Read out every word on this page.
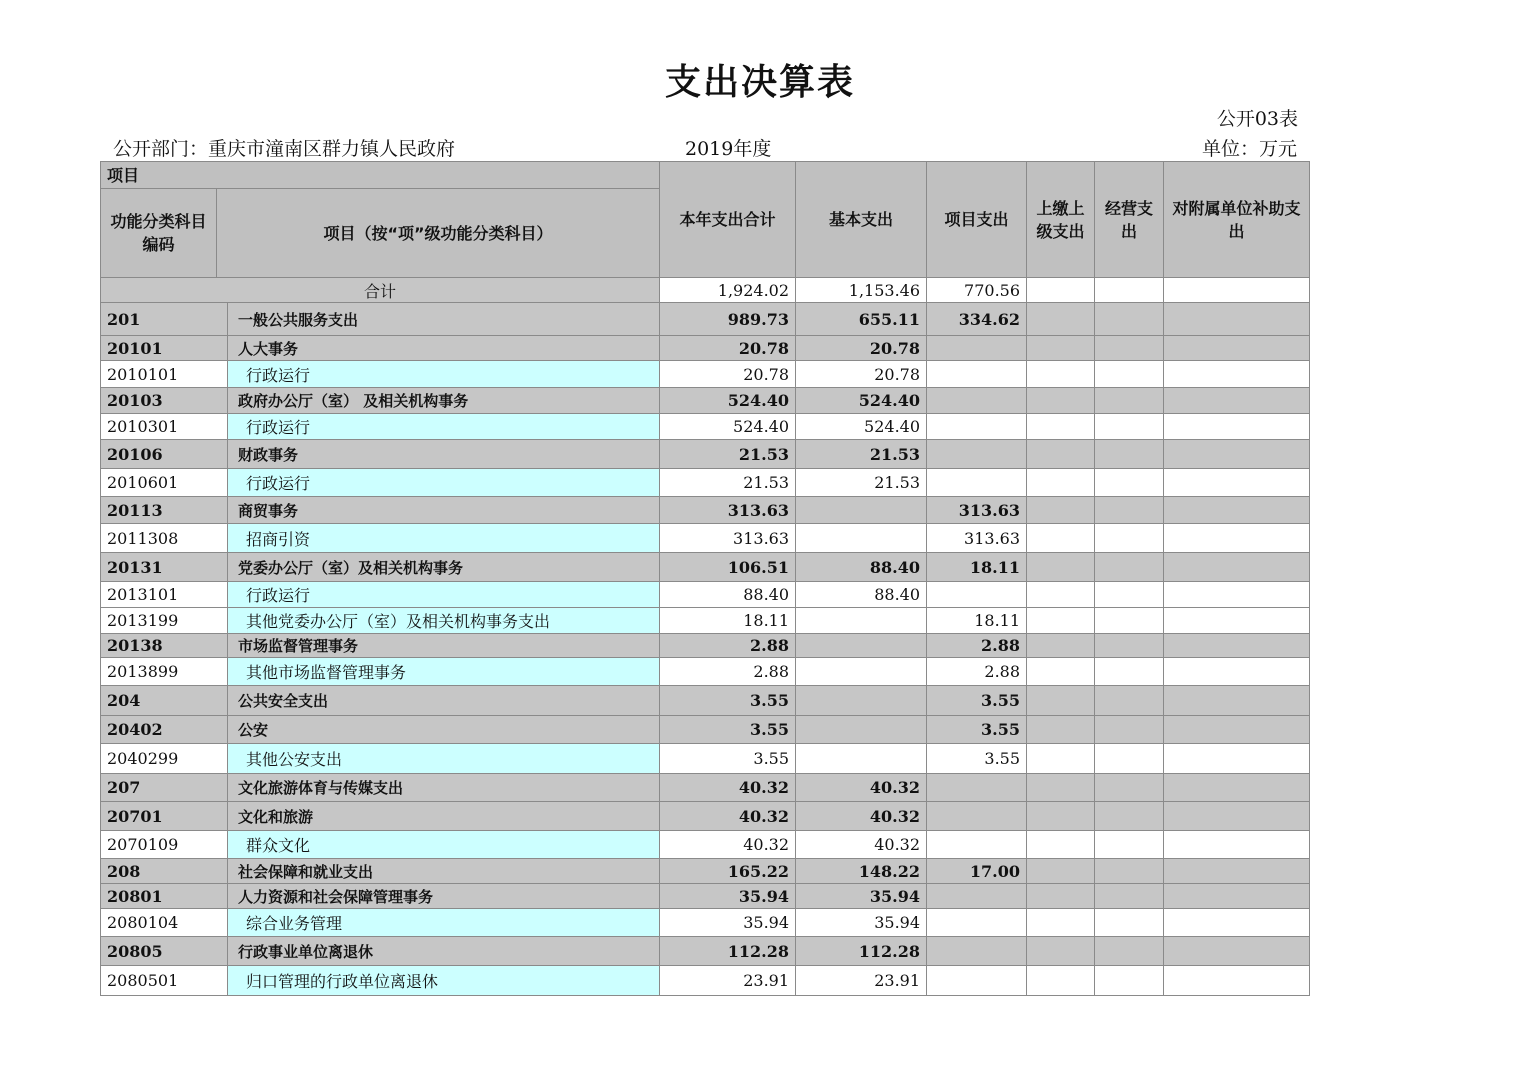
支出决算表
公开03表
公开部门：重庆市潼南区群力镇人民政府	2019年度	单位：万元
项目			本年支出合计	基本支出	项目支出	上缴上级支出	经营支出	对附属单位补助支出
功能分类科目编码	项目（按“项”级功能分类科目）							
合计			1,924.02	1,153.46	770.56			
201		一般公共服务支出	989.73	655.11	334.62			
20101		人大事务	20.78	20.78				
2010101		行政运行	20.78	20.78				
20103		政府办公厅（室） 及相关机构事务	524.40	524.40				
2010301		行政运行	524.40	524.40				
20106		财政事务	21.53	21.53				
2010601		行政运行	21.53	21.53				
20113		商贸事务	313.63		313.63			
2011308		招商引资	313.63		313.63			
20131		党委办公厅（室）及相关机构事务	106.51	88.40	18.11			
2013101		行政运行	88.40	88.40				
2013199		其他党委办公厅（室）及相关机构事务支出	18.11		18.11			
20138		市场监督管理事务	2.88		2.88			
2013899		其他市场监督管理事务	2.88		2.88			
204		公共安全支出	3.55		3.55			
20402		公安	3.55		3.55			
2040299		其他公安支出	3.55		3.55			
207		文化旅游体育与传媒支出	40.32	40.32				
20701		文化和旅游	40.32	40.32				
2070109		群众文化	40.32	40.32				
208		社会保障和就业支出	165.22	148.22	17.00			
20801		人力资源和社会保障管理事务	35.94	35.94				
2080104		综合业务管理	35.94	35.94				
20805		行政事业单位离退休	112.28	112.28				
2080501		归口管理的行政单位离退休	23.91	23.91				
